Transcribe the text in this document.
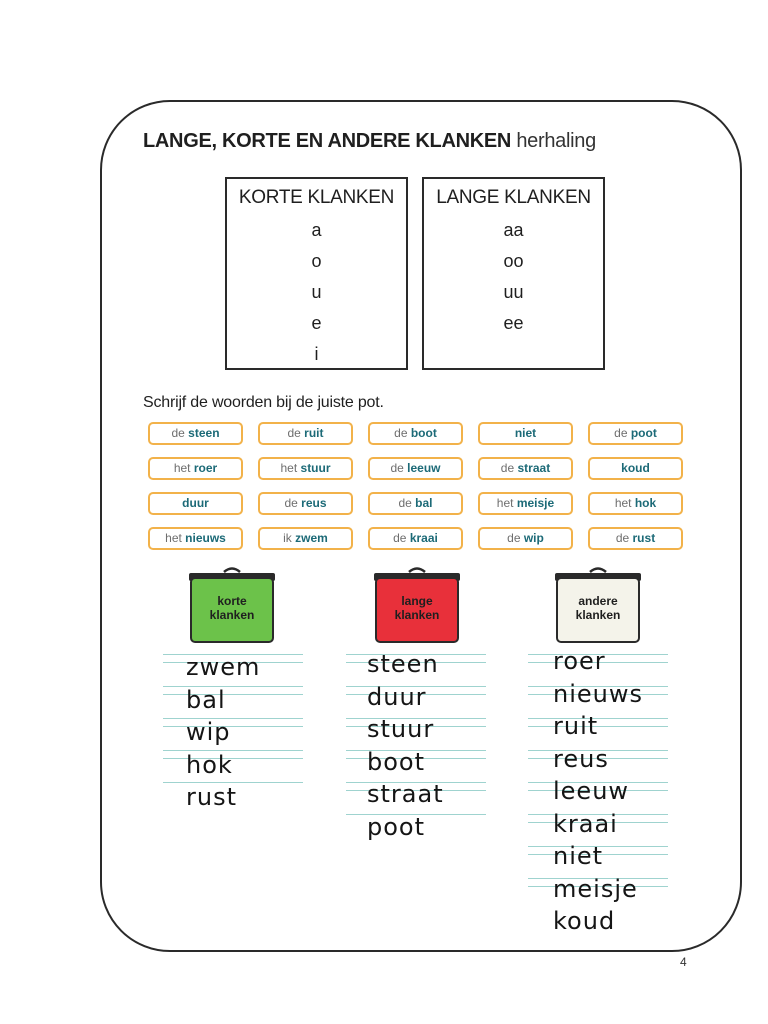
LANGE, KORTE EN ANDERE KLANKEN herhaling
KORTE KLANKEN
a
o
u
e
i
LANGE KLANKEN
aa
oo
uu
ee
Schrijf de woorden bij de juiste pot.
de steen	de ruit	de boot	niet	de poot
het roer	het stuur	de leeuw	de straat	koud
duur	de reus	de bal	het meisje	het hok
het nieuws	ik zwem	de kraai	de wip	de rust
korte
klanken
lange
klanken
andere
klanken
zwem
bal
wip
hok
rust
steen
duur
stuur
boot
straat
poot
roer
nieuws
ruit
reus
leeuw
kraai
niet
meisje
koud
4
